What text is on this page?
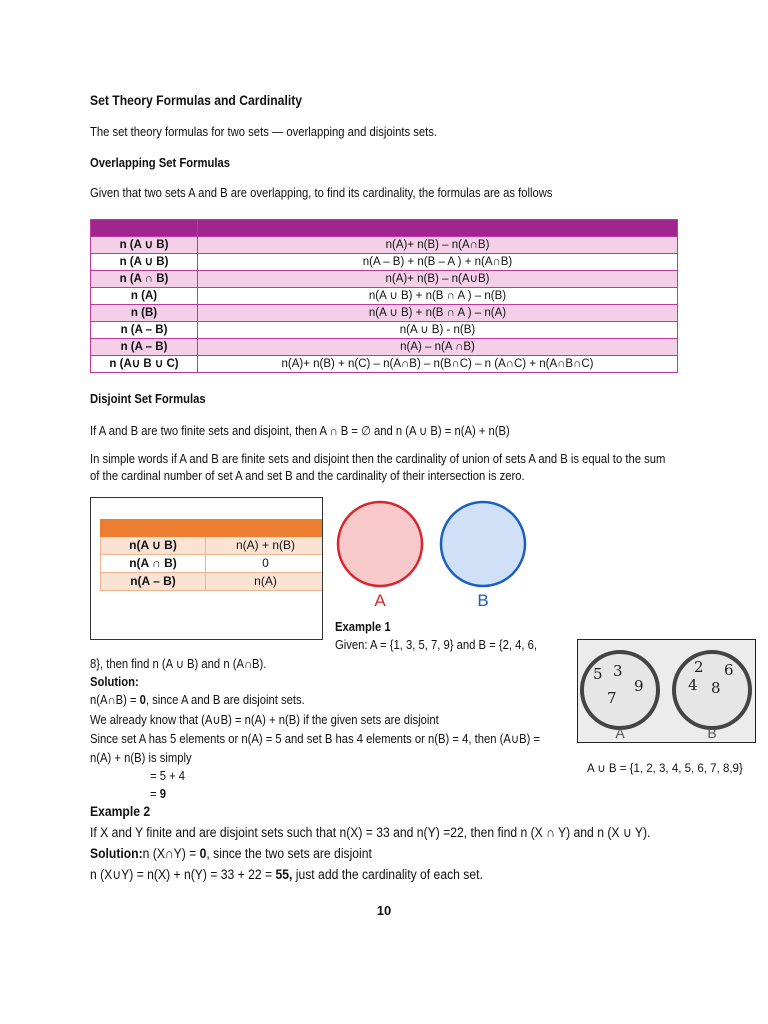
Set Theory Formulas and Cardinality
The set theory formulas for two sets — overlapping and disjoints sets.
Overlapping Set Formulas
Given that two sets A and B are overlapping, to find its cardinality, the formulas are as follows

n (A ∪ B)	n(A)+ n(B) – n(A∩B)
n (A ∪ B)	n(A – B) + n(B – A ) + n(A∩B)
n (A ∩ B)	n(A)+ n(B) – n(A∪B)
n (A)	n(A ∪ B) + n(B ∩ A ) – n(B)
n (B)	n(A ∪ B) + n(B ∩ A ) – n(A)
n (A – B)	n(A ∪ B) - n(B)
n (A – B)	n(A) – n(A ∩B)
n (A∪ B ∪ C)	n(A)+ n(B) + n(C) – n(A∩B) – n(B∩C) – n (A∩C) + n(A∩B∩C)
Disjoint Set Formulas
If A and B are two finite sets and disjoint, then A ∩ B = ∅ and n (A ∪ B) = n(A) + n(B)
In simple words if A and B are finite sets and disjoint then the cardinality of union of sets A and B is equal to the sum
of the cardinal number of set A and set B and the cardinality of their intersection is zero.

n(A ∪ B)	n(A) + n(B)
n(A ∩ B)	0
n(A – B)	n(A)
A	B
Example 1
Given: A = {1, 3, 5, 7, 9} and B = {2, 4, 6,
8}, then find n (A ∪ B) and n (A∩B).
Solution:
n(A∩B) = 0, since A and B are disjoint sets.
We already know that (A∪B) = n(A) + n(B) if the given sets are disjoint
Since set A has 5 elements or n(A) = 5 and set B has 4 elements or n(B) = 4, then (A∪B) =
n(A) + n(B) is simply
= 5 + 4
= 9
5 3
9
7
2 6
4 8
A	B
A ∪ B = {1, 2, 3, 4, 5, 6, 7, 8,9}
Example 2
If X and Y finite and are disjoint sets such that n(X) = 33 and n(Y) =22, then find n (X ∩ Y) and n (X ∪ Y).
Solution:n (X∩Y) = 0, since the two sets are disjoint
n (X∪Y) = n(X) + n(Y) = 33 + 22 = 55, just add the cardinality of each set.
10
